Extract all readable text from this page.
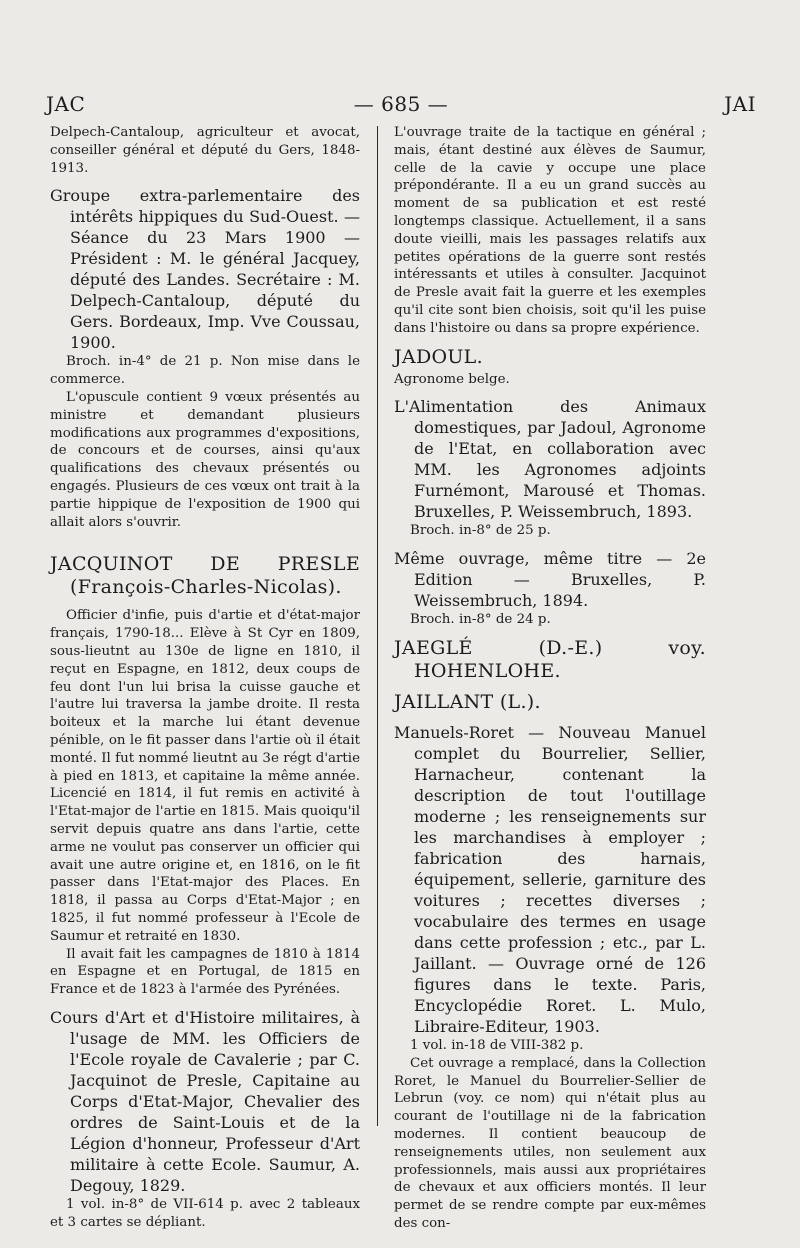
JAC	— 685 —	JAI

Delpech-Cantaloup, agriculteur et avocat, conseiller général et député du Gers, 1848-1913.

Groupe extra-parlementaire des intérêts hippiques du Sud-Ouest. — Séance du 23 Mars 1900 — Président : M. le général Jacquey, député des Landes. Secrétaire : M. Delpech-Cantaloup, député du Gers. Bordeaux, Imp. Vve Coussau, 1900.

Broch. in-4° de 21 p. Non mise dans le commerce.

L'opuscule contient 9 vœux présentés au ministre et demandant plusieurs modifications aux programmes d'expositions, de concours et de courses, ainsi qu'aux qualifications des chevaux présentés ou engagés. Plusieurs de ces vœux ont trait à la partie hippique de l'exposition de 1900 qui allait alors s'ouvrir.

JACQUINOT DE PRESLE (François-Charles-Nicolas).

Officier d'infie, puis d'artie et d'état-major français, 1790-18... Elève à St Cyr en 1809, sous-lieutnt au 130e de ligne en 1810, il reçut en Espagne, en 1812, deux coups de feu dont l'un lui brisa la cuisse gauche et l'autre lui traversa la jambe droite. Il resta boiteux et la marche lui étant devenue pénible, on le fit passer dans l'artie où il était monté. Il fut nommé lieutnt au 3e régt d'artie à pied en 1813, et capitaine la même année. Licencié en 1814, il fut remis en activité à l'Etat-major de l'artie en 1815. Mais quoiqu'il servit depuis quatre ans dans l'artie, cette arme ne voulut pas conserver un officier qui avait une autre origine et, en 1816, on le fit passer dans l'Etat-major des Places. En 1818, il passa au Corps d'Etat-Major ; en 1825, il fut nommé professeur à l'Ecole de Saumur et retraité en 1830.

Il avait fait les campagnes de 1810 à 1814 en Espagne et en Portugal, de 1815 en France et de 1823 à l'armée des Pyrénées.

Cours d'Art et d'Histoire militaires, à l'usage de MM. les Officiers de l'Ecole royale de Cavalerie ; par C. Jacquinot de Presle, Capitaine au Corps d'Etat-Major, Chevalier des ordres de Saint-Louis et de la Légion d'honneur, Professeur d'Art militaire à cette Ecole. Saumur, A. Degouy, 1829.

1 vol. in-8° de VII-614 p. avec 2 tableaux et 3 cartes se dépliant.

L'ouvrage traite de la tactique en général ; mais, étant destiné aux élèves de Saumur, celle de la cavie y occupe une place prépondérante. Il a eu un grand succès au moment de sa publication et est resté longtemps classique. Actuellement, il a sans doute vieilli, mais les passages relatifs aux petites opérations de la guerre sont restés intéressants et utiles à consulter. Jacquinot de Presle avait fait la guerre et les exemples qu'il cite sont bien choisis, soit qu'il les puise dans l'histoire ou dans sa propre expérience.

JADOUL.

Agronome belge.

L'Alimentation des Animaux domestiques, par Jadoul, Agronome de l'Etat, en collaboration avec MM. les Agronomes adjoints Furnémont, Marousé et Thomas. Bruxelles, P. Weissembruch, 1893.

Broch. in-8° de 25 p.

Même ouvrage, même titre — 2e Edition — Bruxelles, P. Weissembruch, 1894.

Broch. in-8° de 24 p.

JAEGLÉ (D.-E.) voy. HOHENLOHE.

JAILLANT (L.).

Manuels-Roret — Nouveau Manuel complet du Bourrelier, Sellier, Harnacheur, contenant la description de tout l'outillage moderne ; les renseignements sur les marchandises à employer ; fabrication des harnais, équipement, sellerie, garniture des voitures ; recettes diverses ; vocabulaire des termes en usage dans cette profession ; etc., par L. Jaillant. — Ouvrage orné de 126 figures dans le texte. Paris, Encyclopédie Roret. L. Mulo, Libraire-Editeur, 1903.

1 vol. in-18 de VIII-382 p.

Cet ouvrage a remplacé, dans la Collection Roret, le Manuel du Bourrelier-Sellier de Lebrun (voy. ce nom) qui n'était plus au courant de l'outillage ni de la fabrication modernes. Il contient beaucoup de renseignements utiles, non seulement aux professionnels, mais aussi aux propriétaires de chevaux et aux officiers montés. Il leur permet de se rendre compte par eux-mêmes des con-
